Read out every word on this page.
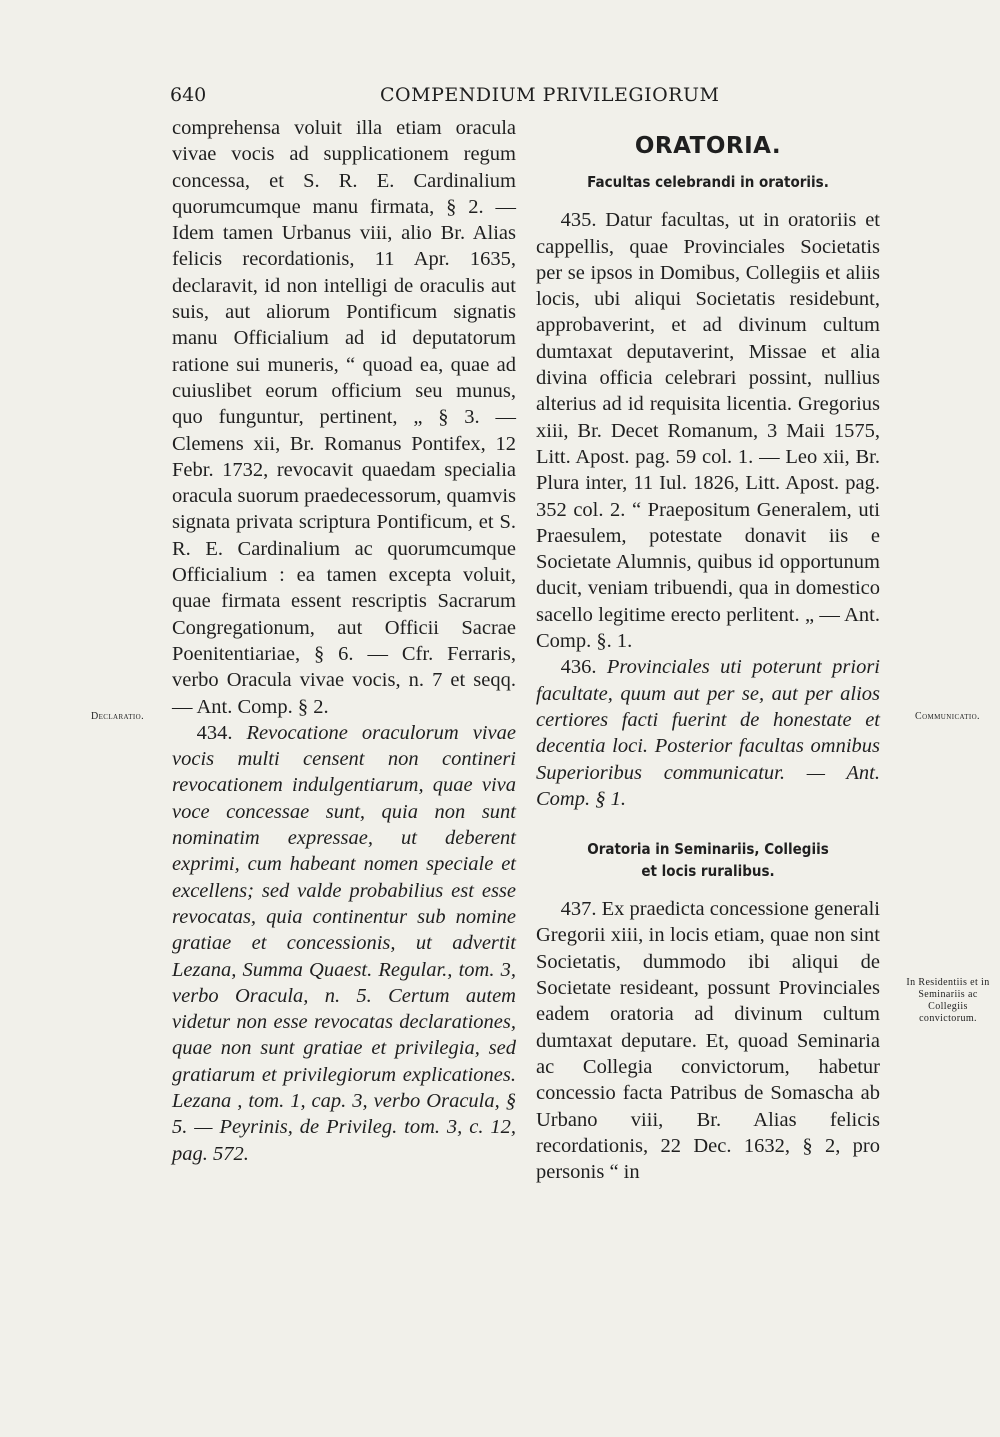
640	COMPENDIUM PRIVILEGIORUM

comprehensa voluit illa etiam oracula vivae vocis ad supplicationem regum concessa, et S. R. E. Cardinalium quorumcumque manu firmata, § 2. — Idem tamen Urbanus viii, alio Br. Alias felicis recordationis, 11 Apr. 1635, declaravit, id non intelligi de oraculis aut suis, aut aliorum Pontificum signatis manu Officialium ad id deputatorum ratione sui muneris, “ quoad ea, quae ad cuiuslibet eorum officium seu munus, quo funguntur, pertinent, „ § 3. — Clemens xii, Br. Romanus Pontifex, 12 Febr. 1732, revocavit quaedam specialia oracula suorum praedecessorum, quamvis signata privata scriptura Pontificum, et S. R. E. Cardinalium ac quorumcumque Officialium : ea tamen excepta voluit, quae firmata essent rescriptis Sacrarum Congregationum, aut Officii Sacrae Poenitentiariae, § 6. — Cfr. Ferraris, verbo Oracula vivae vocis, n. 7 et seqq. — Ant. Comp. § 2.

434. Revocatione oraculorum vivae vocis multi censent non contineri revocationem indulgentiarum, quae viva voce concessae sunt, quia non sunt nominatim expressae, ut deberent exprimi, cum habeant nomen speciale et excellens; sed valde probabilius est esse revocatas, quia continentur sub nomine gratiae et concessionis, ut advertit Lezana, Summa Quaest. Regular., tom. 3, verbo Oracula, n. 5. Certum autem videtur non esse revocatas declarationes, quae non sunt gratiae et privilegia, sed gratiarum et privilegiorum explicationes. Lezana , tom. 1, cap. 3, verbo Oracula, § 5. — Peyrinis, de Privileg. tom. 3, c. 12, pag. 572.

ORATORIA.
Facultas celebrandi in oratoriis.

435. Datur facultas, ut in oratoriis et cappellis, quae Provinciales Societatis per se ipsos in Domibus, Collegiis et aliis locis, ubi aliqui Societatis residebunt, approbaverint, et ad divinum cultum dumtaxat deputaverint, Missae et alia divina officia celebrari possint, nullius alterius ad id requisita licentia. Gregorius xiii, Br. Decet Romanum, 3 Maii 1575, Litt. Apost. pag. 59 col. 1. — Leo xii, Br. Plura inter, 11 Iul. 1826, Litt. Apost. pag. 352 col. 2. “ Praepositum Generalem, uti Praesulem, potestate donavit iis e Societate Alumnis, quibus id opportunum ducit, veniam tribuendi, qua in domestico sacello legitime erecto perlitent. „ — Ant. Comp. §. 1.

436. Provinciales uti poterunt priori facultate, quum aut per se, aut per alios certiores facti fuerint de honestate et decentia loci. Posterior facultas omnibus Superioribus communicatur. — Ant. Comp. § 1.

Oratoria in Seminariis, Collegiis
et locis ruralibus.

437. Ex praedicta concessione generali Gregorii xiii, in locis etiam, quae non sint Societatis, dummodo ibi aliqui de Societate resideant, possunt Provinciales eadem oratoria ad divinum cultum dumtaxat deputare. Et, quoad Seminaria ac Collegia convictorum, habetur concessio facta Patribus de Somascha ab Urbano viii, Br. Alias felicis recordationis, 22 Dec. 1632, § 2, pro personis “ in

Declaratio.	Communicatio.
In Residentiis et in Seminariis ac Collegiis convictorum.
